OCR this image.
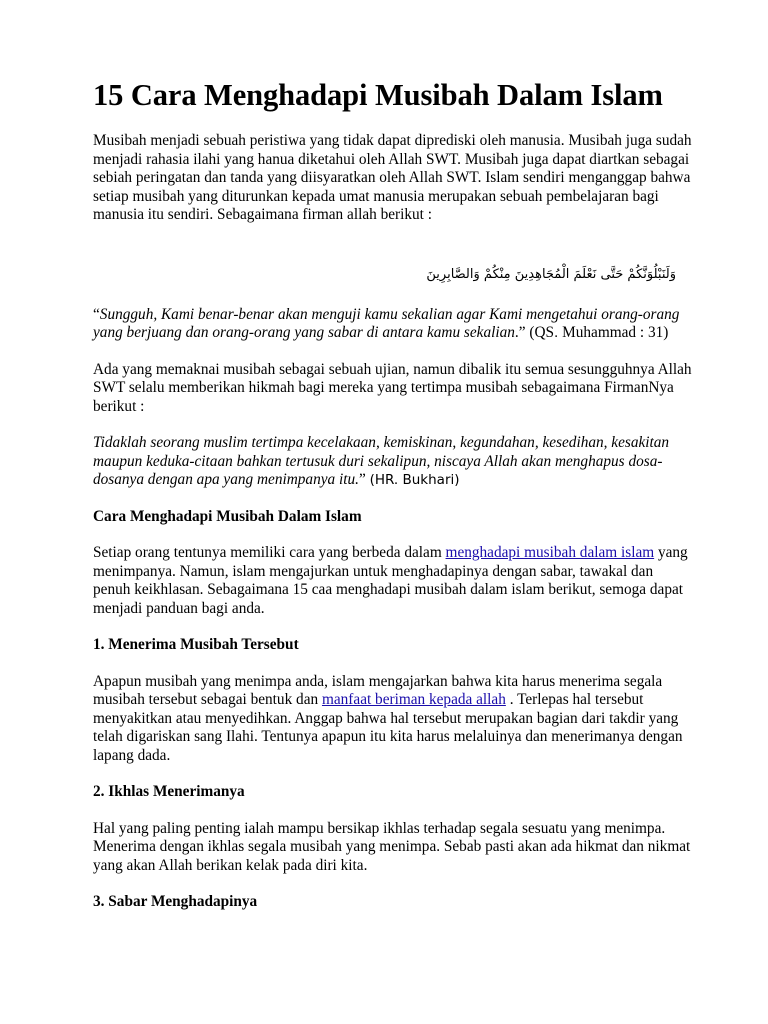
15 Cara Menghadapi Musibah Dalam Islam

Musibah menjadi sebuah peristiwa yang tidak dapat diprediski oleh manusia. Musibah juga sudah menjadi rahasia ilahi yang hanua diketahui oleh Allah SWT. Musibah juga dapat diartkan sebagai sebiah peringatan dan tanda yang diisyaratkan oleh Allah SWT. Islam sendiri menganggap bahwa setiap musibah yang diturunkan kepada umat manusia merupakan sebuah pembelajaran bagi manusia itu sendiri. Sebagaimana firman allah berikut :

وَلَنَبْلُوَنَّكُمْ حَتَّى نَعْلَمَ الْمُجَاهِدِينَ مِنْكُمْ وَالصَّابِرِينَ

“Sungguh, Kami benar-benar akan menguji kamu sekalian agar Kami mengetahui orang-orang yang berjuang dan orang-orang yang sabar di antara kamu sekalian.” (QS. Muhammad : 31)

Ada yang memaknai musibah sebagai sebuah ujian, namun dibalik itu semua sesungguhnya Allah SWT selalu memberikan hikmah bagi mereka yang tertimpa musibah sebagaimana FirmanNya berikut :

Tidaklah seorang muslim tertimpa kecelakaan, kemiskinan, kegundahan, kesedihan, kesakitan maupun keduka-citaan bahkan tertusuk duri sekalipun, niscaya Allah akan menghapus dosa-dosanya dengan apa yang menimpanya itu.” (HR. Bukhari)

Cara Menghadapi Musibah Dalam Islam

Setiap orang tentunya memiliki cara yang berbeda dalam menghadapi musibah dalam islam yang menimpanya. Namun, islam mengajurkan untuk menghadapinya dengan sabar, tawakal dan penuh keikhlasan. Sebagaimana 15 caa menghadapi musibah dalam islam berikut, semoga dapat menjadi panduan bagi anda.

1. Menerima Musibah Tersebut

Apapun musibah yang menimpa anda, islam mengajarkan bahwa kita harus menerima segala musibah tersebut sebagai bentuk dan manfaat beriman kepada allah . Terlepas hal tersebut menyakitkan atau menyedihkan. Anggap bahwa hal tersebut merupakan bagian dari takdir yang telah digariskan sang Ilahi. Tentunya apapun itu kita harus melaluinya dan menerimanya dengan lapang dada.

2. Ikhlas Menerimanya

Hal yang paling penting ialah mampu bersikap ikhlas terhadap segala sesuatu yang menimpa. Menerima dengan ikhlas segala musibah yang menimpa. Sebab pasti akan ada hikmat dan nikmat yang akan Allah berikan kelak pada diri kita.

3. Sabar Menghadapinya
